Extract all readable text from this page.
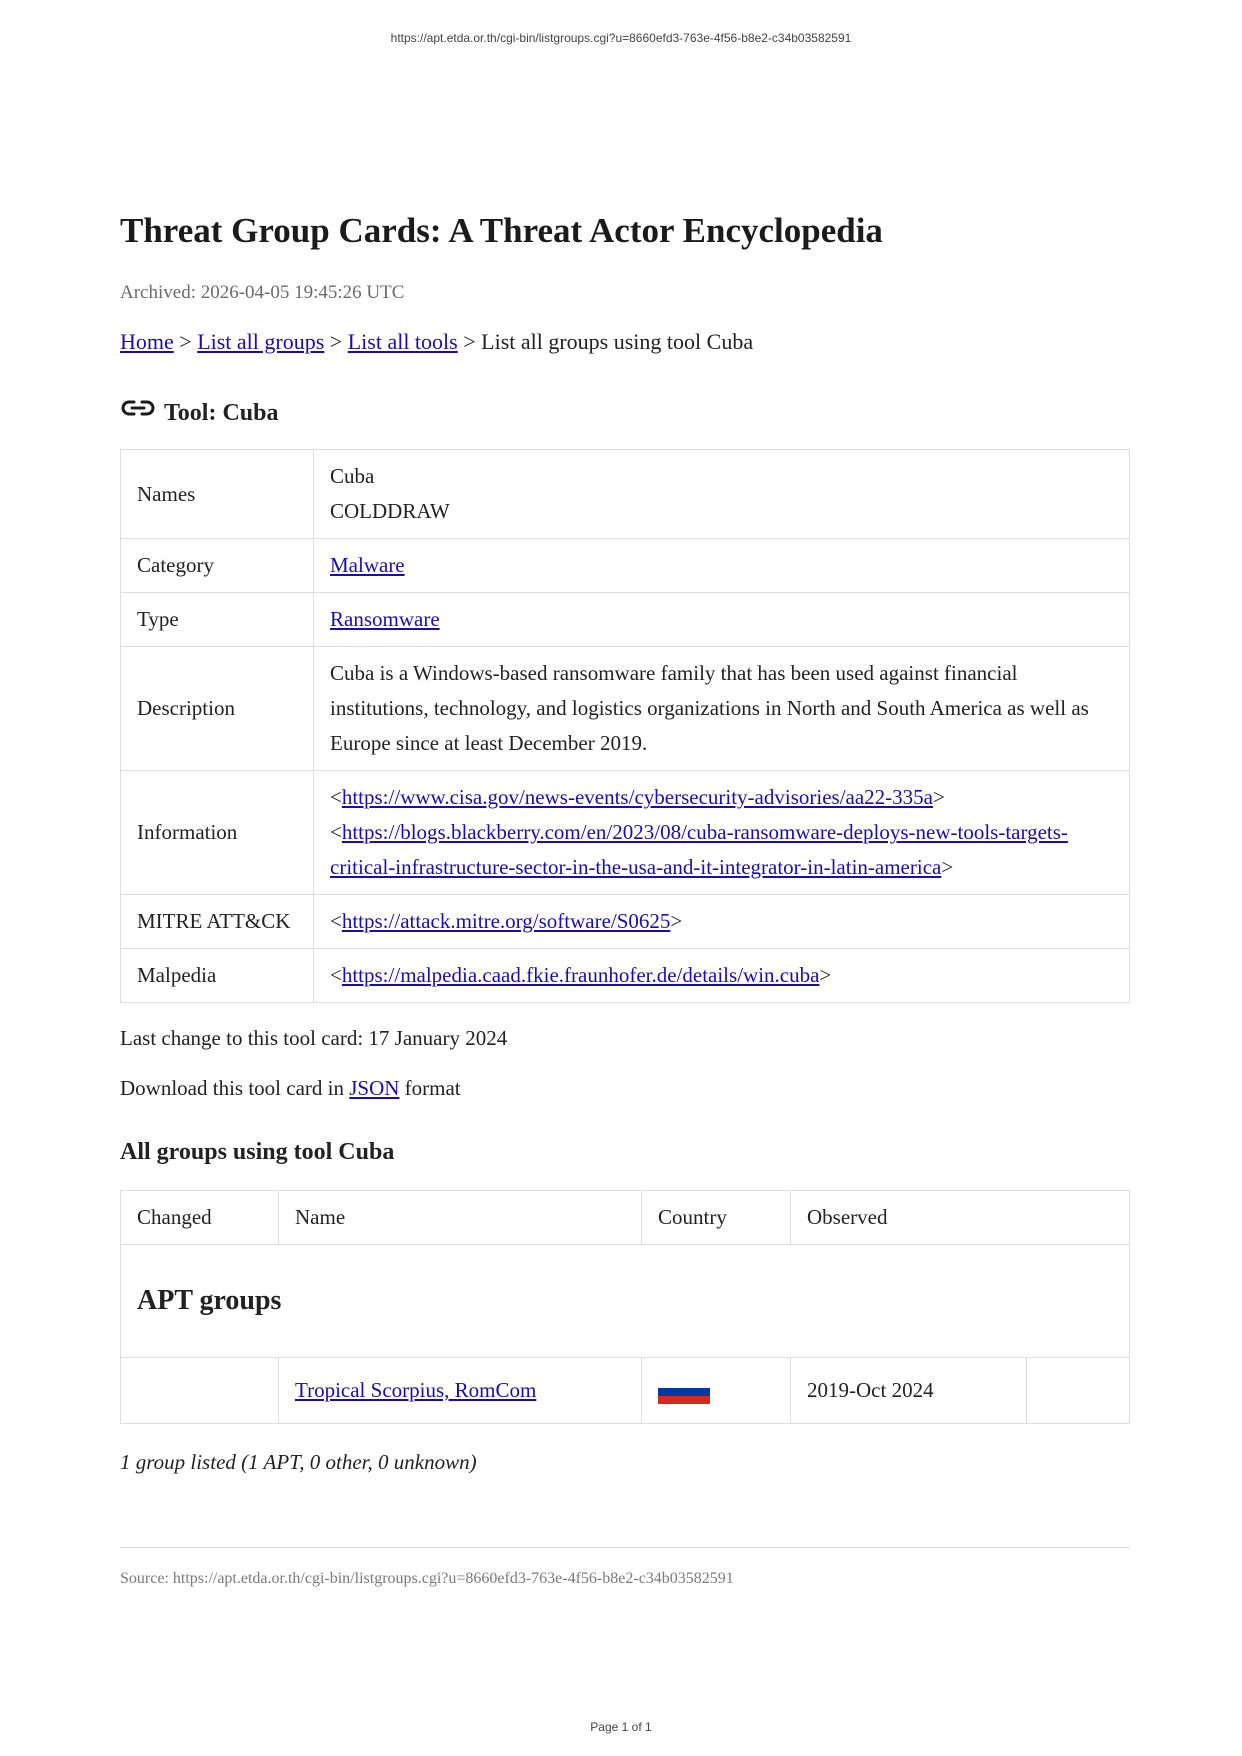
https://apt.etda.or.th/cgi-bin/listgroups.cgi?u=8660efd3-763e-4f56-b8e2-c34b03582591
Threat Group Cards: A Threat Actor Encyclopedia
Archived: 2026-04-05 19:45:26 UTC
Home > List all groups > List all tools > List all groups using tool Cuba
Tool: Cuba
Names	Cuba
COLDDRAW

Category	Malware
Type	Ransomware
Description	Cuba is a Windows-based ransomware family that has been used against financial institutions, technology, and logistics organizations in North and South America as well as Europe since at least December 2019.
Information	<https://www.cisa.gov/news-events/cybersecurity-advisories/aa22-335a>
<https://blogs.blackberry.com/en/2023/08/cuba-ransomware-deploys-new-tools-targets-critical-infrastructure-sector-in-the-usa-and-it-integrator-in-latin-america>

MITRE ATT&CK	<https://attack.mitre.org/software/S0625>
Malpedia	<https://malpedia.caad.fkie.fraunhofer.de/details/win.cuba>
Last change to this tool card: 17 January 2024
Download this tool card in JSON format
All groups using tool Cuba
Changed	Name	Country	Observed	
APT groups				
	Tropical Scorpius, RomCom		2019-Oct 2024	
1 group listed (1 APT, 0 other, 0 unknown)
Source: https://apt.etda.or.th/cgi-bin/listgroups.cgi?u=8660efd3-763e-4f56-b8e2-c34b03582591
Page 1 of 1
